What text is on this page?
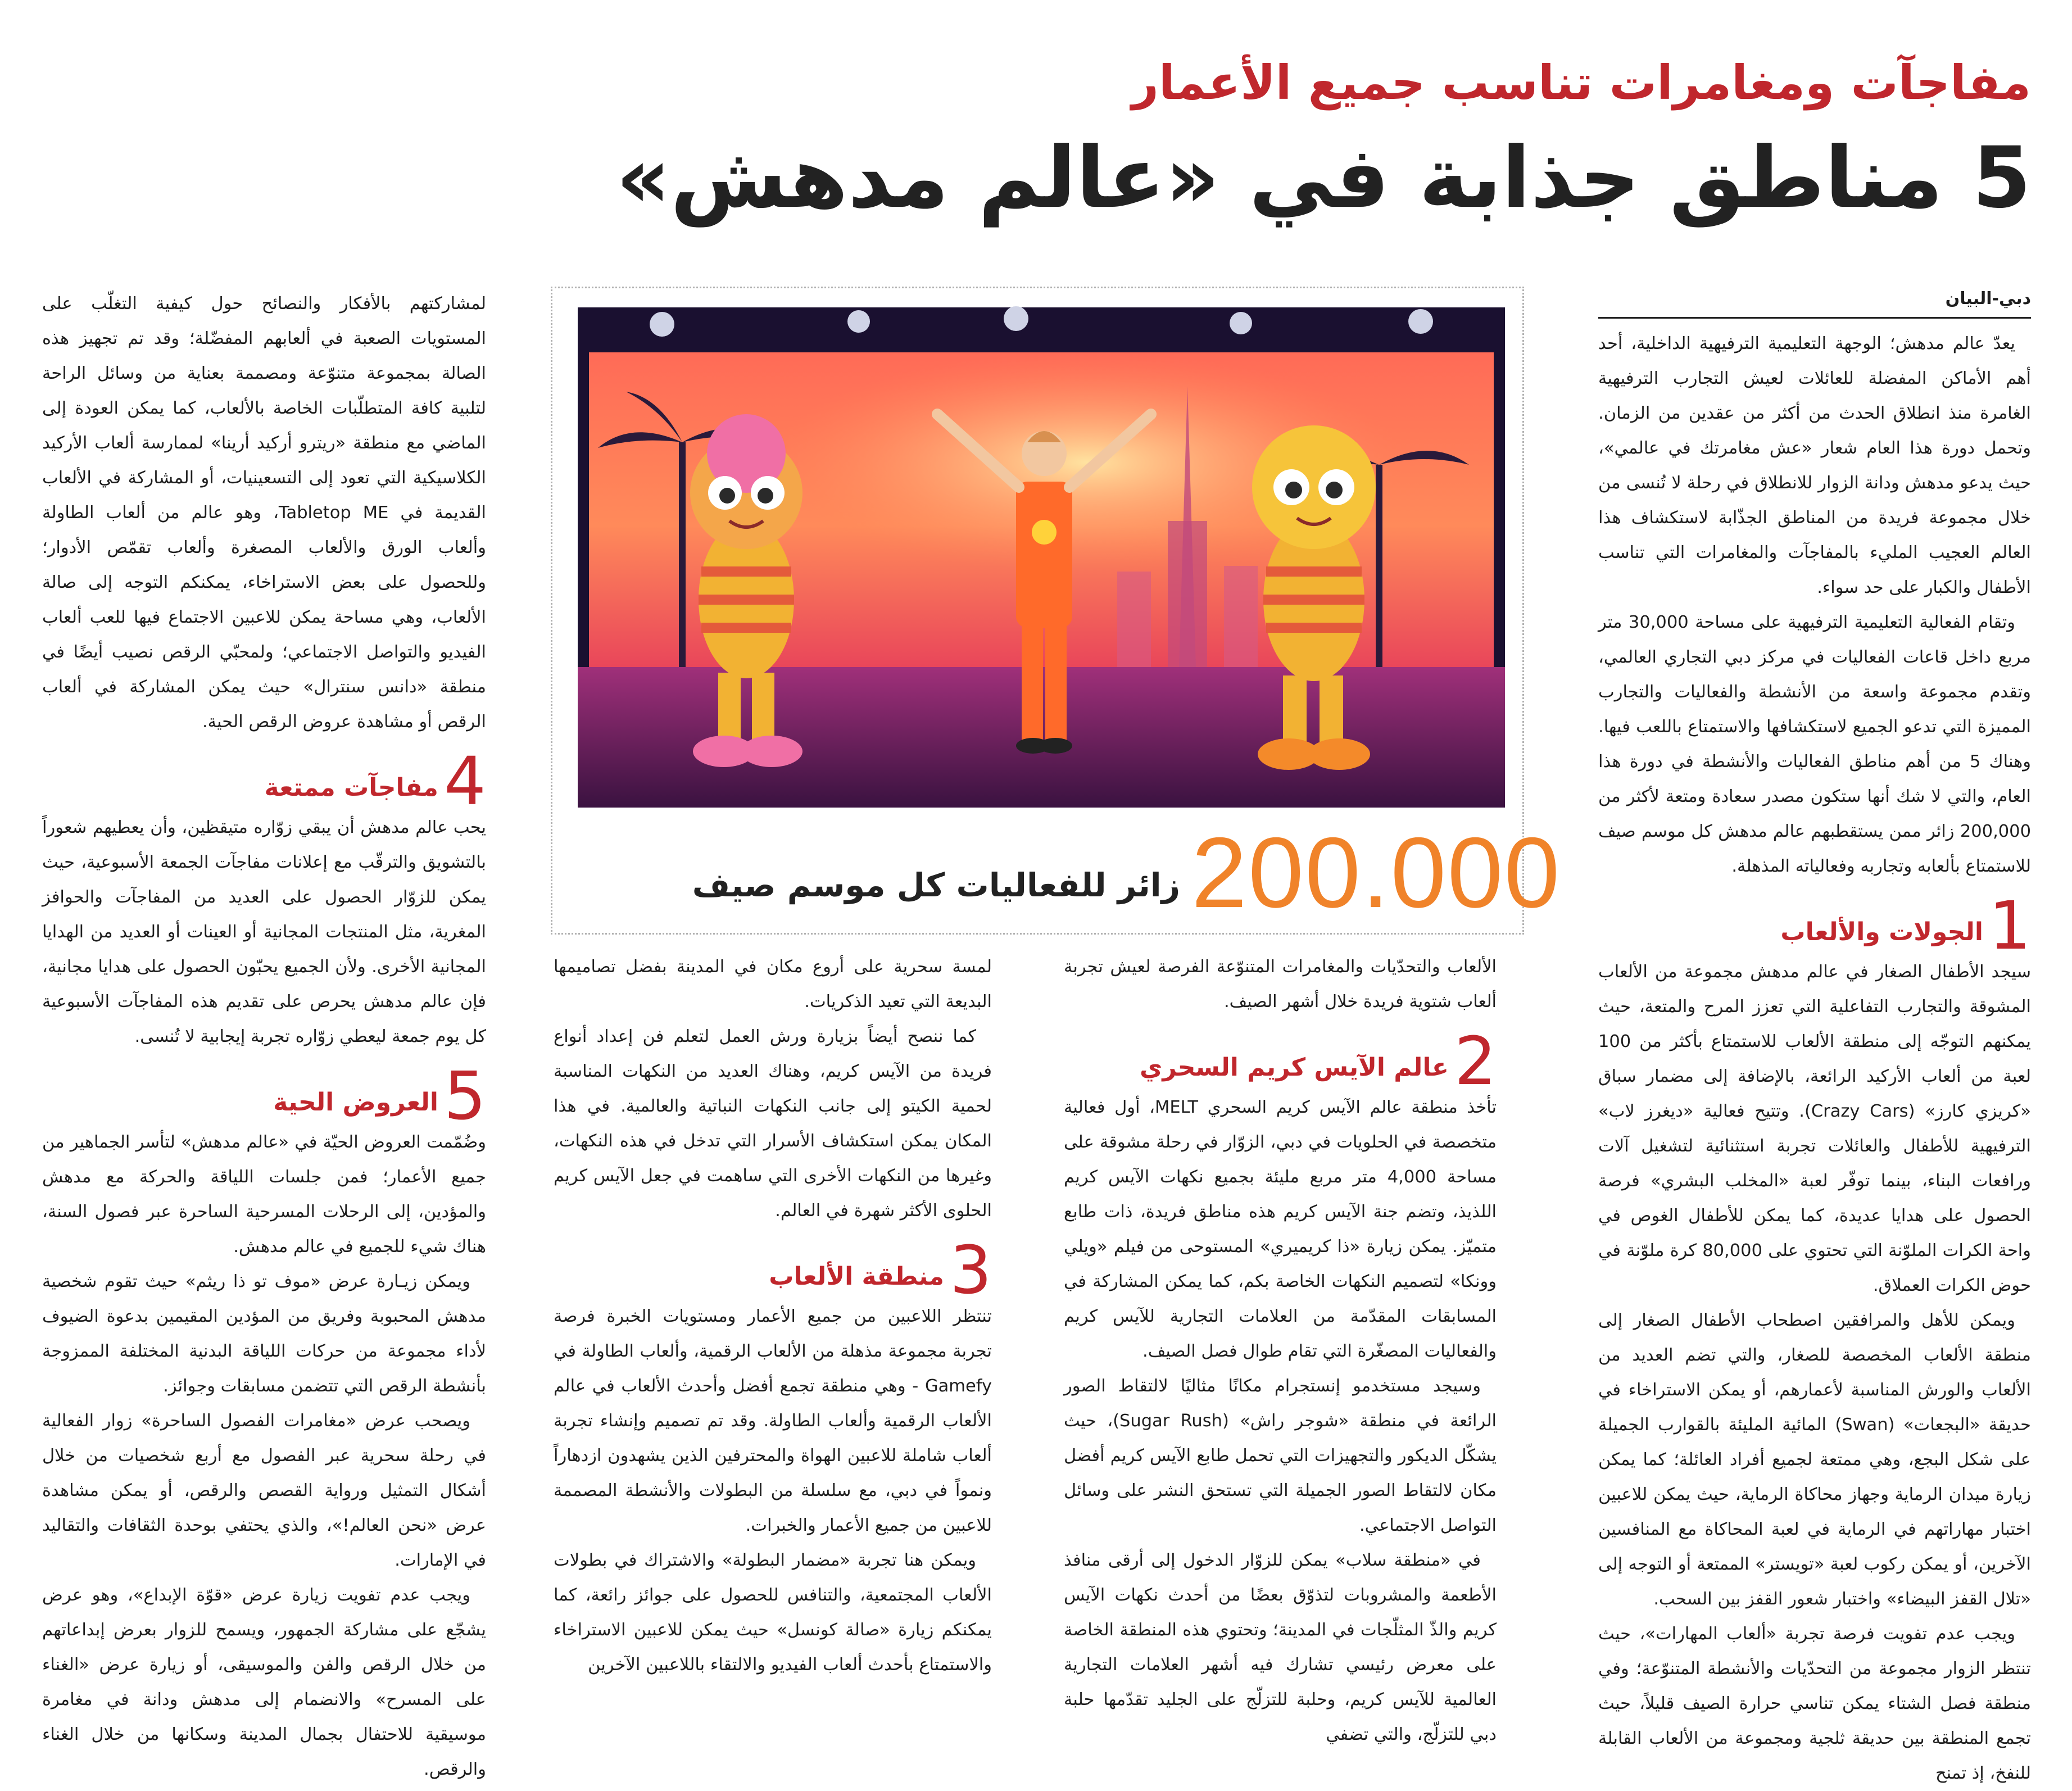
مفاجآت ومغامرات تناسب جميع الأعمار
5 مناطق جذابة في «عالم مدهش»
200.000
زائر للفعاليات كل موسم صيف
دبي-البيان

يعدّ عالم مدهش؛ الوجهة التعليمية الترفيهية الداخلية، أحد أهم الأماكن المفضلة للعائلات لعيش التجارب الترفيهية الغامرة منذ انطلاق الحدث من أكثر من عقدين من الزمان. وتحمل دورة هذا العام شعار «عش مغامرتك في عالمي»، حيث يدعو مدهش ودانة الزوار للانطلاق في رحلة لا تُنسى من خلال مجموعة فريدة من المناطق الجذّابة لاستكشاف هذا العالم العجيب المليء بالمفاجآت والمغامرات التي تناسب الأطفال والكبار على حد سواء.

وتقام الفعالية التعليمية الترفيهية على مساحة 30,000 متر مربع داخل قاعات الفعاليات في مركز دبي التجاري العالمي، وتقدم مجموعة واسعة من الأنشطة والفعاليات والتجارب المميزة التي تدعو الجميع لاستكشافها والاستمتاع باللعب فيها. وهناك 5 من أهم مناطق الفعاليات والأنشطة في دورة هذا العام، والتي لا شك أنها ستكون مصدر سعادة ومتعة لأكثر من 200,000 زائر ممن يستقطبهم عالم مدهش كل موسم صيف للاستمتاع بألعابه وتجاربه وفعالياته المذهلة.

1
الجولات والألعاب

سيجد الأطفال الصغار في عالم مدهش مجموعة من الألعاب المشوقة والتجارب التفاعلية التي تعزز المرح والمتعة، حيث يمكنهم التوجّه إلى منطقة الألعاب للاستمتاع بأكثر من 100 لعبة من ألعاب الأركيد الرائعة، بالإضافة إلى مضمار سباق «كريزي كارز» (Crazy Cars). وتتيح فعالية «ديغرز لاب» الترفيهية للأطفال والعائلات تجربة استثنائية لتشغيل آلات ورافعات البناء، بينما توفّر لعبة «المخلب البشري» فرصة الحصول على هدايا عديدة، كما يمكن للأطفال الغوص في واحة الكرات الملوّنة التي تحتوي على 80,000 كرة ملوّنة في حوض الكرات العملاق.

ويمكن للأهل والمرافقين اصطحاب الأطفال الصغار إلى منطقة الألعاب المخصصة للصغار، والتي تضم العديد من الألعاب والورش المناسبة لأعمارهم، أو يمكن الاستراخاء في حديقة «البجعات» (Swan) المائية المليئة بالقوارب الجميلة على شكل البجع، وهي ممتعة لجميع أفراد العائلة؛ كما يمكن زيارة ميدان الرماية وجهاز محاكاة الرماية، حيث يمكن للاعبين اختبار مهاراتهم في الرماية في لعبة المحاكاة مع المنافسين الآخرين، أو يمكن ركوب لعبة «تويستر» الممتعة أو التوجه إلى «تلال القفز البيضاء» واختبار شعور القفز بين السحب.

ويجب عدم تفويت فرصة تجربة «ألعاب المهارات»، حيث تنتظر الزوار مجموعة من التحدّيات والأنشطة المتنوّعة؛ وفي منطقة فصل الشتاء يمكن تناسي حرارة الصيف قليلاً، حيث تجمع المنطقة بين حديقة ثلجية ومجموعة من الألعاب القابلة للنفخ، إذ تمنح

الألعاب والتحدّيات والمغامرات المتنوّعة الفرصة لعيش تجربة ألعاب شتوية فريدة خلال أشهر الصيف.

2
عالم الآيس كريم السحري

تأخذ منطقة عالم الآيس كريم السحري MELT، أول فعالية متخصصة في الحلويات في دبي، الزوّار في رحلة مشوقة على مساحة 4,000 متر مربع مليئة بجميع نكهات الآيس كريم اللذيذ، وتضم جنة الآيس كريم هذه مناطق فريدة، ذات طابع متميّز. يمكن زيارة «ذا كريميري» المستوحى من فيلم «ويلي وونكا» لتصميم النكهات الخاصة بكم، كما يمكن المشاركة في المسابقات المقدّمة من العلامات التجارية للآيس كريم والفعاليات المصغّرة التي تقام طوال فصل الصيف.

وسيجد مستخدمو إنستجرام مكانًا مثاليًا لالتقاط الصور الرائعة في منطقة «شوجر راش» (Sugar Rush)، حيث يشكّل الديكور والتجهيزات التي تحمل طابع الآيس كريم أفضل مكان لالتقاط الصور الجميلة التي تستحق النشر على وسائل التواصل الاجتماعي.

في «منطقة سلاب» يمكن للزوّار الدخول إلى أرقى منافذ الأطعمة والمشروبات لتذوّق بعضًا من أحدث نكهات الآيس كريم والذّ المثلّجات في المدينة؛ وتحتوي هذه المنطقة الخاصة على معرض رئيسي تشارك فيه أشهر العلامات التجارية العالمية للآيس كريم، وحلبة للتزلّج على الجليد تقدّمها حلبة دبي للتزلّج، والتي تضفي

لمسة سحرية على أروع مكان في المدينة بفضل تصاميمها البديعة التي تعيد الذكريات.

كما ننصح أيضاً بزيارة ورش العمل لتعلم فن إعداد أنواع فريدة من الآيس كريم، وهناك العديد من النكهات المناسبة لحمية الكيتو إلى جانب النكهات النباتية والعالمية. في هذا المكان يمكن استكشاف الأسرار التي تدخل في هذه النكهات، وغيرها من النكهات الأخرى التي ساهمت في جعل الآيس كريم الحلوى الأكثر شهرة في العالم.

3
منطقة الألعاب

تنتظر اللاعبين من جميع الأعمار ومستويات الخبرة فرصة تجربة مجموعة مذهلة من الألعاب الرقمية، وألعاب الطاولة في Gamefy - وهي منطقة تجمع أفضل وأحدث الألعاب في عالم الألعاب الرقمية وألعاب الطاولة. وقد تم تصميم وإنشاء تجربة ألعاب شاملة للاعبين الهواة والمحترفين الذين يشهدون ازدهاراً ونمواً في دبي، مع سلسلة من البطولات والأنشطة المصممة للاعبين من جميع الأعمار والخبرات.

ويمكن هنا تجربة «مضمار البطولة» والاشتراك في بطولات الألعاب المجتمعية، والتنافس للحصول على جوائز رائعة، كما يمكنكم زيارة «صالة كونسل» حيث يمكن للاعبين الاستراخاء والاستمتاع بأحدث ألعاب الفيديو والالتقاء باللاعبين الآخرين

لمشاركتهم بالأفكار والنصائح حول كيفية التغلّب على المستويات الصعبة في ألعابهم المفضّلة؛ وقد تم تجهيز هذه الصالة بمجموعة متنوّعة ومصممة بعناية من وسائل الراحة لتلبية كافة المتطلّبات الخاصة بالألعاب، كما يمكن العودة إلى الماضي مع منطقة «ريترو أركيد أرينا» لممارسة ألعاب الأركيد الكلاسيكية التي تعود إلى التسعينيات، أو المشاركة في الألعاب القديمة في Tabletop ME، وهو عالم من ألعاب الطاولة وألعاب الورق والألعاب المصغرة وألعاب تقمّص الأدوار؛ وللحصول على بعض الاستراخاء، يمكنكم التوجه إلى صالة الألعاب، وهي مساحة يمكن للاعبين الاجتماع فيها للعب ألعاب الفيديو والتواصل الاجتماعي؛ ولمحبّي الرقص نصيب أيضًا في منطقة «دانس سنترال» حيث يمكن المشاركة في ألعاب الرقص أو مشاهدة عروض الرقص الحية.

4
مفاجآت ممتعة

يحب عالم مدهش أن يبقي زوّاره متيقظين، وأن يعطيهم شعوراً بالتشويق والترقّب مع إعلانات مفاجآت الجمعة الأسبوعية، حيث يمكن للزوّار الحصول على العديد من المفاجآت والحوافز المغرية، مثل المنتجات المجانية أو العينات أو العديد من الهدايا المجانية الأخرى. ولأن الجميع يحبّون الحصول على هدايا مجانية، فإن عالم مدهش يحرص على تقديم هذه المفاجآت الأسبوعية كل يوم جمعة ليعطي زوّاره تجربة إيجابية لا تُنسى.

5
العروض الحية

وضُمّمت العروض الحيّة في «عالم مدهش» لتأسر الجماهير من جميع الأعمار؛ فمن جلسات اللياقة والحركة مع مدهش والمؤدين، إلى الرحلات المسرحية الساحرة عبر فصول السنة، هناك شيء للجميع في عالم مدهش.

ويمكن زيـارة عرض «موف تو ذا ريثم» حيث تقوم شخصية مدهش المحبوبة وفريق من المؤدين المقيمين بدعوة الضيوف لأداء مجموعة من حركات اللياقة البدنية المختلفة الممزوجة بأنشطة الرقص التي تتضمن مسابقات وجوائز.

ويصحب عرض «مغامرات الفصول الساحرة» زوار الفعالية في رحلة سحرية عبر الفصول مع أربع شخصيات من خلال أشكال التمثيل ورواية القصص والرقص، أو يمكن مشاهدة عرض «نحن العالم!»، والذي يحتفي بوحدة الثقافات والتقاليد في الإمارات.

ويجب عدم تفويت زيارة عرض «قوّة الإبداع»، وهو عرض يشجّع على مشاركة الجمهور، ويسمح للزوار بعرض إبداعاتهم من خلال الرقص والفن والموسيقى، أو زيارة عرض «الغناء على المسرح» والانضمام إلى مدهش ودانة في مغامرة موسيقية للاحتفال بجمال المدينة وسكانها من خلال الغناء والرقص.
